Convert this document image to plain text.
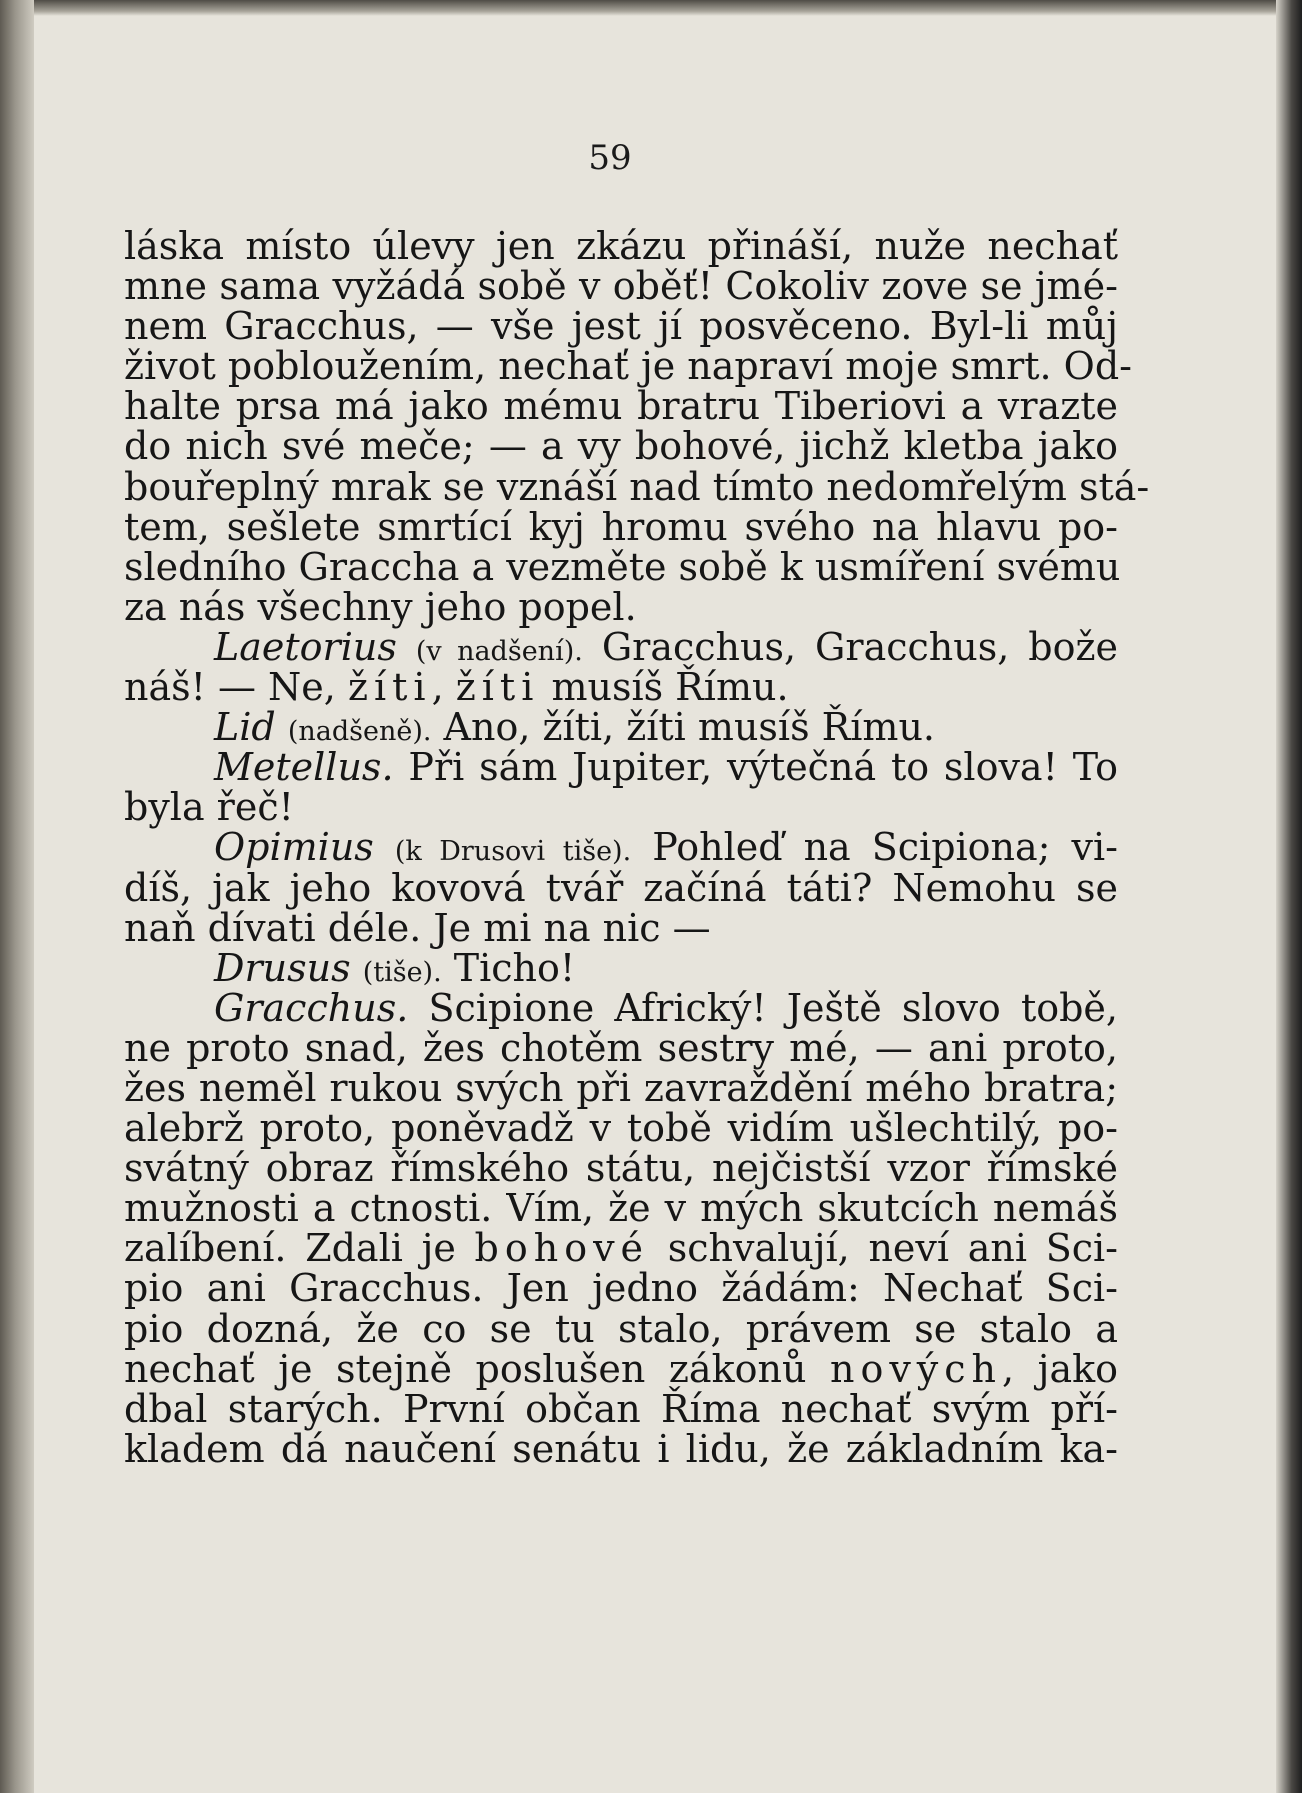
59
láska místo úlevy jen zkázu přináší, nuže nechať
mne sama vyžádá sobě v oběť! Cokoliv zove se jmé-
nem Gracchus, — vše jest jí posvěceno. Byl-li můj
život pobloužením, nechať je napraví moje smrt. Od-
halte prsa má jako mému bratru Tiberiovi a vrazte
do nich své meče; — a vy bohové, jichž kletba jako
bouřeplný mrak se vznáší nad tímto nedomřelým stá-
tem, sešlete smrtící kyj hromu svého na hlavu po-
sledního Graccha a vezměte sobě k usmíření svému
za nás všechny jeho popel.
Laetorius (v nadšení). Gracchus, Gracchus, bože
náš! — Ne, žíti, žíti musíš Římu.
Lid (nadšeně). Ano, žíti, žíti musíš Římu.
Metellus. Při sám Jupiter, výtečná to slova! To
byla řeč!
Opimius (k Drusovi tiše). Pohleď na Scipiona; vi-
díš, jak jeho kovová tvář začíná táti? Nemohu se
naň dívati déle. Je mi na nic —
Drusus (tiše). Ticho!
Gracchus. Scipione Africký! Ještě slovo tobě,
ne proto snad, žes chotěm sestry mé, — ani proto,
žes neměl rukou svých při zavraždění mého bratra;
alebrž proto, poněvadž v tobě vidím ušlechtilý, po-
svátný obraz římského státu, nejčistší vzor římské
mužnosti a ctnosti. Vím, že v mých skutcích nemáš
zalíbení. Zdali je bohové schvalují, neví ani Sci-
pio ani Gracchus. Jen jedno žádám: Nechať Sci-
pio dozná, že co se tu stalo, právem se stalo a
nechať je stejně poslušen zákonů nových, jako
dbal starých. První občan Říma nechať svým pří-
kladem dá naučení senátu i lidu, že základním ka-
